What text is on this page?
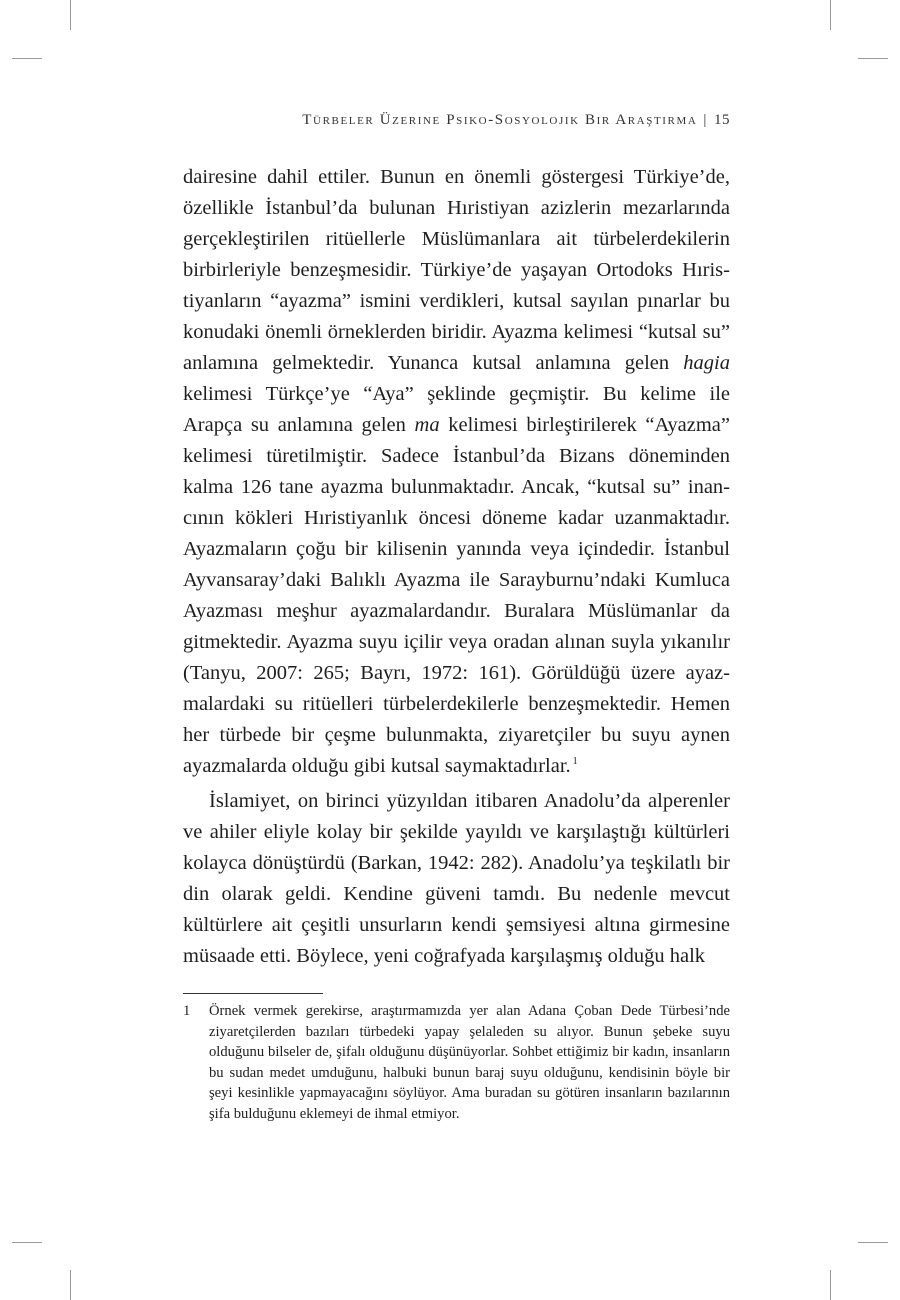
Türbeler Üzerine Psiko-Sosyolojik Bir Araştırma | 15

dairesine dahil ettiler. Bunun en önemli göstergesi Türkiye’de, özellikle İstanbul’da bulunan Hıristiyan azizlerin mezarlarında gerçekleştirilen ritüellerle Müslümanlara ait türbelerdekilerin birbirleriyle benzeşmesidir. Türkiye’de yaşayan Ortodoks Hıristiyanların “ayazma” ismini verdikleri, kutsal sayılan pınarlar bu konudaki önemli örneklerden biridir. Ayazma kelimesi “kutsal su” anlamına gelmektedir. Yunanca kutsal anlamına gelen hagia kelimesi Türkçe’ye “Aya” şeklinde geçmiştir. Bu kelime ile Arapça su anlamına gelen ma kelimesi birleştirilerek “Ayazma” kelimesi türetilmiştir. Sadece İstanbul’da Bizans döneminden kalma 126 tane ayazma bulunmaktadır. Ancak, “kutsal su” inancının kökleri Hıristiyanlık öncesi döneme kadar uzanmaktadır. Ayazmaların çoğu bir kilisenin yanında veya içindedir. İstanbul Ayvansaray’daki Balıklı Ayazma ile Sarayburnu’ndaki Kumluca Ayazması meşhur ayazmalardandır. Buralara Müslümanlar da gitmektedir. Ayazma suyu içilir veya oradan alınan suyla yıkanılır (Tanyu, 2007: 265; Bayrı, 1972: 161). Görüldüğü üzere ayazmalardaki su ritüelleri türbelerdekilerle benzeşmektedir. Hemen her türbede bir çeşme bulunmakta, ziyaretçiler bu suyu aynen ayazmalarda olduğu gibi kutsal saymaktadırlar. $^1$

İslamiyet, on birinci yüzyıldan itibaren Anadolu’da alperenler ve ahiler eliyle kolay bir şekilde yayıldı ve karşılaştığı kültürleri kolayca dönüştürdü (Barkan, 1942: 282). Anadolu’ya teşkilatlı bir din olarak geldi. Kendine güveni tamdı. Bu nedenle mevcut kültürlere ait çeşitli unsurların kendi şemsiyesi altına girmesine müsaade etti. Böylece, yeni coğrafyada karşılaşmış olduğu halk

1	Örnek vermek gerekirse, araştırmamızda yer alan Adana Çoban Dede Türbesi’nde ziyaretçilerden bazıları türbedeki yapay şelaleden su alıyor. Bunun şebeke suyu olduğunu bilseler de, şifalı olduğunu düşünüyorlar. Sohbet ettiğimiz bir kadın, insanların bu sudan medet umduğunu, halbuki bunun baraj suyu olduğunu, kendisinin böyle bir şeyi kesinlikle yapmayacağını söylüyor. Ama buradan su götüren insanların bazılarının şifa bulduğunu eklemeyi de ihmal etmiyor.
